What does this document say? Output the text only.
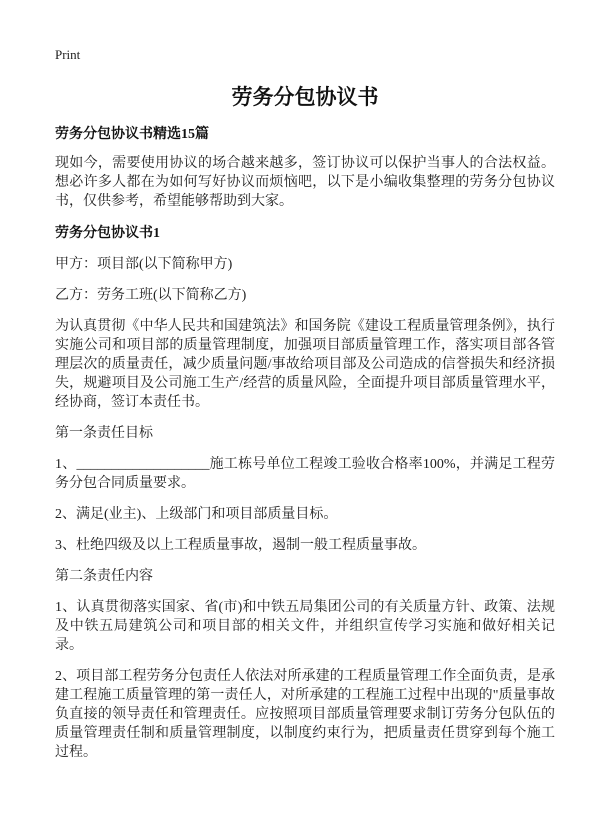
Print
劳务分包协议书
劳务分包协议书精选15篇

现如今，需要使用协议的场合越来越多，签订协议可以保护当事人的合法权益。想必许多人都在为如何写好协议而烦恼吧，以下是小编收集整理的劳务分包协议书，仅供参考，希望能够帮助到大家。

劳务分包协议书1

甲方：项目部(以下简称甲方)

乙方：劳务工班(以下简称乙方)

为认真贯彻《中华人民共和国建筑法》和国务院《建设工程质量管理条例》，执行实施公司和项目部的质量管理制度，加强项目部质量管理工作，落实项目部各管理层次的质量责任，减少质量问题/事故给项目部及公司造成的信誉损失和经济损失，规避项目及公司施工生产/经营的质量风险，全面提升项目部质量管理水平，经协商，签订本责任书。

第一条责任目标

1、___________________施工栋号单位工程竣工验收合格率100%，并满足工程劳务分包合同质量要求。

2、满足(业主)、上级部门和项目部质量目标。

3、杜绝四级及以上工程质量事故，遏制一般工程质量事故。

第二条责任内容

1、认真贯彻落实国家、省(市)和中铁五局集团公司的有关质量方针、政策、法规及中铁五局建筑公司和项目部的相关文件，并组织宣传学习实施和做好相关记录。

2、项目部工程劳务分包责任人依法对所承建的工程质量管理工作全面负责，是承建工程施工质量管理的第一责任人，对所承建的工程施工过程中出现的"质量事故负直接的领导责任和管理责任。应按照项目部质量管理要求制订劳务分包队伍的质量管理责任制和质量管理制度，以制度约束行为，把质量责任贯穿到每个施工过程。
